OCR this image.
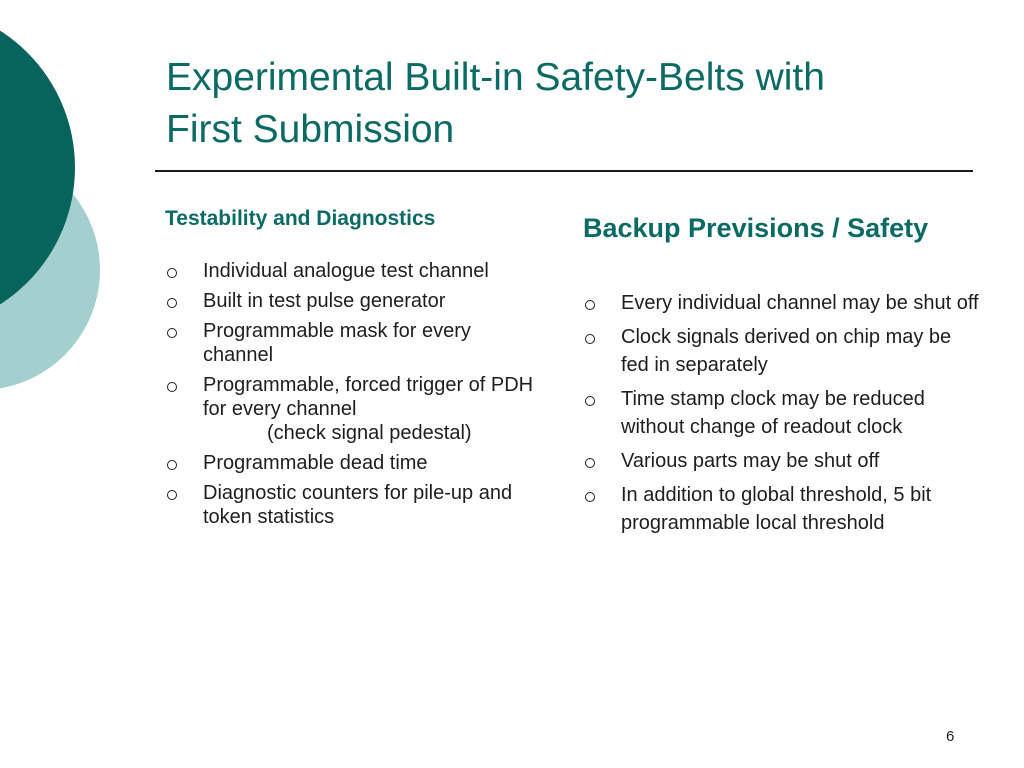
Experimental Built-in Safety-Belts with
First Submission
Testability and Diagnostics
Individual analogue test channel
Built in test pulse generator
Programmable mask for every channel
Programmable, forced trigger of PDH for every channel
(check signal pedestal)
Programmable dead time
Diagnostic counters for pile-up and token statistics
Backup Previsions / Safety
Every individual channel may be shut off
Clock signals derived on chip may be fed in separately
Time stamp clock may be reduced without change of readout clock
Various parts may be shut off
In addition to global threshold, 5 bit programmable local threshold
6
